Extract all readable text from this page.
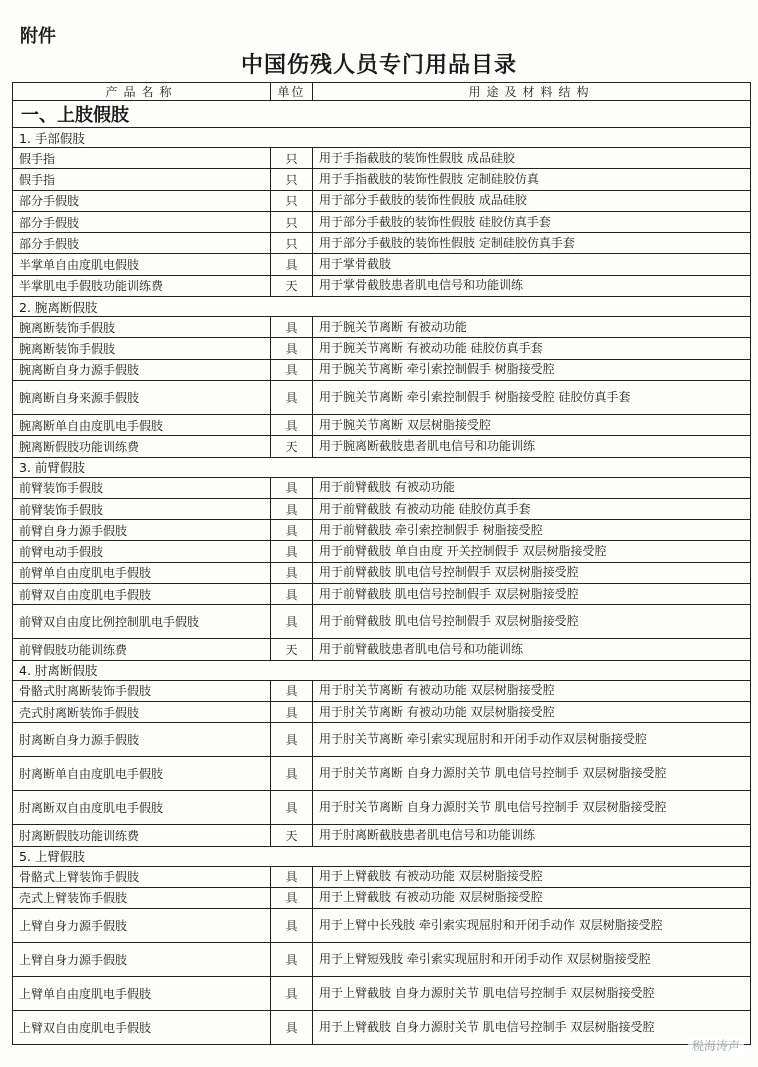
附件
中国伤残人员专门用品目录
产品名称	单位	用途及材料结构
一、上肢假肢		
1. 手部假肢		
假手指	只	用于手指截肢的装饰性假肢 成品硅胶
假手指	只	用于手指截肢的装饰性假肢 定制硅胶仿真
部分手假肢	只	用于部分手截肢的装饰性假肢 成品硅胶
部分手假肢	只	用于部分手截肢的装饰性假肢 硅胶仿真手套
部分手假肢	只	用于部分手截肢的装饰性假肢 定制硅胶仿真手套
半掌单自由度肌电假肢	具	用于掌骨截肢
半掌肌电手假肢功能训练费	天	用于掌骨截肢患者肌电信号和功能训练
2. 腕离断假肢		
腕离断装饰手假肢	具	用于腕关节离断 有被动功能
腕离断装饰手假肢	具	用于腕关节离断 有被动功能 硅胶仿真手套
腕离断自身力源手假肢	具	用于腕关节离断 牵引索控制假手 树脂接受腔
腕离断自身来源手假肢	具	用于腕关节离断 牵引索控制假手 树脂接受腔 硅胶仿真手套
腕离断单自由度肌电手假肢	具	用于腕关节离断 双层树脂接受腔
腕离断假肢功能训练费	天	用于腕离断截肢患者肌电信号和功能训练
3. 前臂假肢		
前臂装饰手假肢	具	用于前臂截肢 有被动功能
前臂装饰手假肢	具	用于前臂截肢 有被动功能 硅胶仿真手套
前臂自身力源手假肢	具	用于前臂截肢 牵引索控制假手 树脂接受腔
前臂电动手假肢	具	用于前臂截肢 单自由度 开关控制假手 双层树脂接受腔
前臂单自由度肌电手假肢	具	用于前臂截肢 肌电信号控制假手 双层树脂接受腔
前臂双自由度肌电手假肢	具	用于前臂截肢 肌电信号控制假手 双层树脂接受腔
前臂双自由度比例控制肌电手假肢	具	用于前臂截肢 肌电信号控制假手 双层树脂接受腔
前臂假肢功能训练费	天	用于前臂截肢患者肌电信号和功能训练
4. 肘离断假肢		
骨骼式肘离断装饰手假肢	具	用于肘关节离断 有被动功能 双层树脂接受腔
壳式肘离断装饰手假肢	具	用于肘关节离断 有被动功能 双层树脂接受腔
肘离断自身力源手假肢	具	用于肘关节离断 牵引索实现屈肘和开闭手动作双层树脂接受腔
肘离断单自由度肌电手假肢	具	用于肘关节离断 自身力源肘关节 肌电信号控制手 双层树脂接受腔
肘离断双自由度肌电手假肢	具	用于肘关节离断 自身力源肘关节 肌电信号控制手 双层树脂接受腔
肘离断假肢功能训练费	天	用于肘离断截肢患者肌电信号和功能训练
5. 上臂假肢		
骨骼式上臂装饰手假肢	具	用于上臂截肢 有被动功能 双层树脂接受腔
壳式上臂装饰手假肢	具	用于上臂截肢 有被动功能 双层树脂接受腔
上臂自身力源手假肢	具	用于上臂中长残肢 牵引索实现屈肘和开闭手动作 双层树脂接受腔
上臂自身力源手假肢	具	用于上臂短残肢 牵引索实现屈肘和开闭手动作 双层树脂接受腔
上臂单自由度肌电手假肢	具	用于上臂截肢 自身力源肘关节 肌电信号控制手 双层树脂接受腔
上臂双自由度肌电手假肢	具	用于上臂截肢 自身力源肘关节 肌电信号控制手 双层树脂接受腔
税海涛声
